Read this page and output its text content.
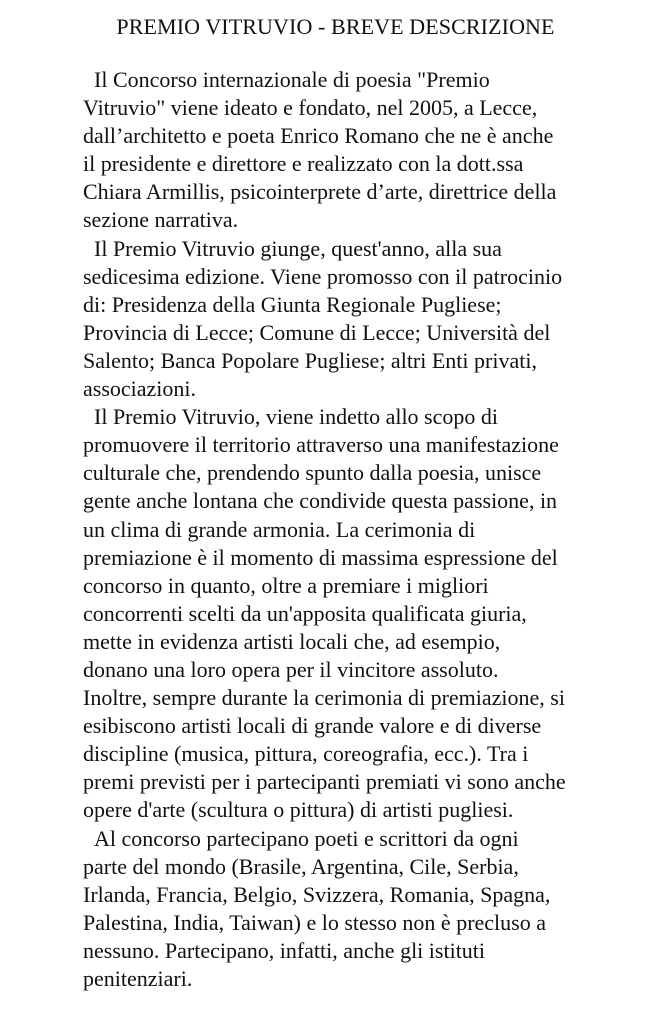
PREMIO VITRUVIO - BREVE DESCRIZIONE
Il Concorso internazionale di poesia "Premio
Vitruvio" viene ideato e fondato, nel 2005, a Lecce,
dall’architetto e poeta Enrico Romano che ne è anche
il presidente e direttore e realizzato con la dott.ssa
Chiara Armillis, psicointerprete d’arte, direttrice della
sezione narrativa.
Il Premio Vitruvio giunge, quest'anno, alla sua
sedicesima edizione. Viene promosso con il patrocinio
di: Presidenza della Giunta Regionale Pugliese;
Provincia di Lecce; Comune di Lecce; Università del
Salento; Banca Popolare Pugliese; altri Enti privati,
associazioni.
Il Premio Vitruvio, viene indetto allo scopo di
promuovere il territorio attraverso una manifestazione
culturale che, prendendo spunto dalla poesia, unisce
gente anche lontana che condivide questa passione, in
un clima di grande armonia. La cerimonia di
premiazione è il momento di massima espressione del
concorso in quanto, oltre a premiare i migliori
concorrenti scelti da un'apposita qualificata giuria,
mette in evidenza artisti locali che, ad esempio,
donano una loro opera per il vincitore assoluto.
Inoltre, sempre durante la cerimonia di premiazione, si
esibiscono artisti locali di grande valore e di diverse
discipline (musica, pittura, coreografia, ecc.). Tra i
premi previsti per i partecipanti premiati vi sono anche
opere d'arte (scultura o pittura) di artisti pugliesi.
Al concorso partecipano poeti e scrittori da ogni
parte del mondo (Brasile, Argentina, Cile, Serbia,
Irlanda, Francia, Belgio, Svizzera, Romania, Spagna,
Palestina, India, Taiwan) e lo stesso non è precluso a
nessuno. Partecipano, infatti, anche gli istituti
penitenziari.
